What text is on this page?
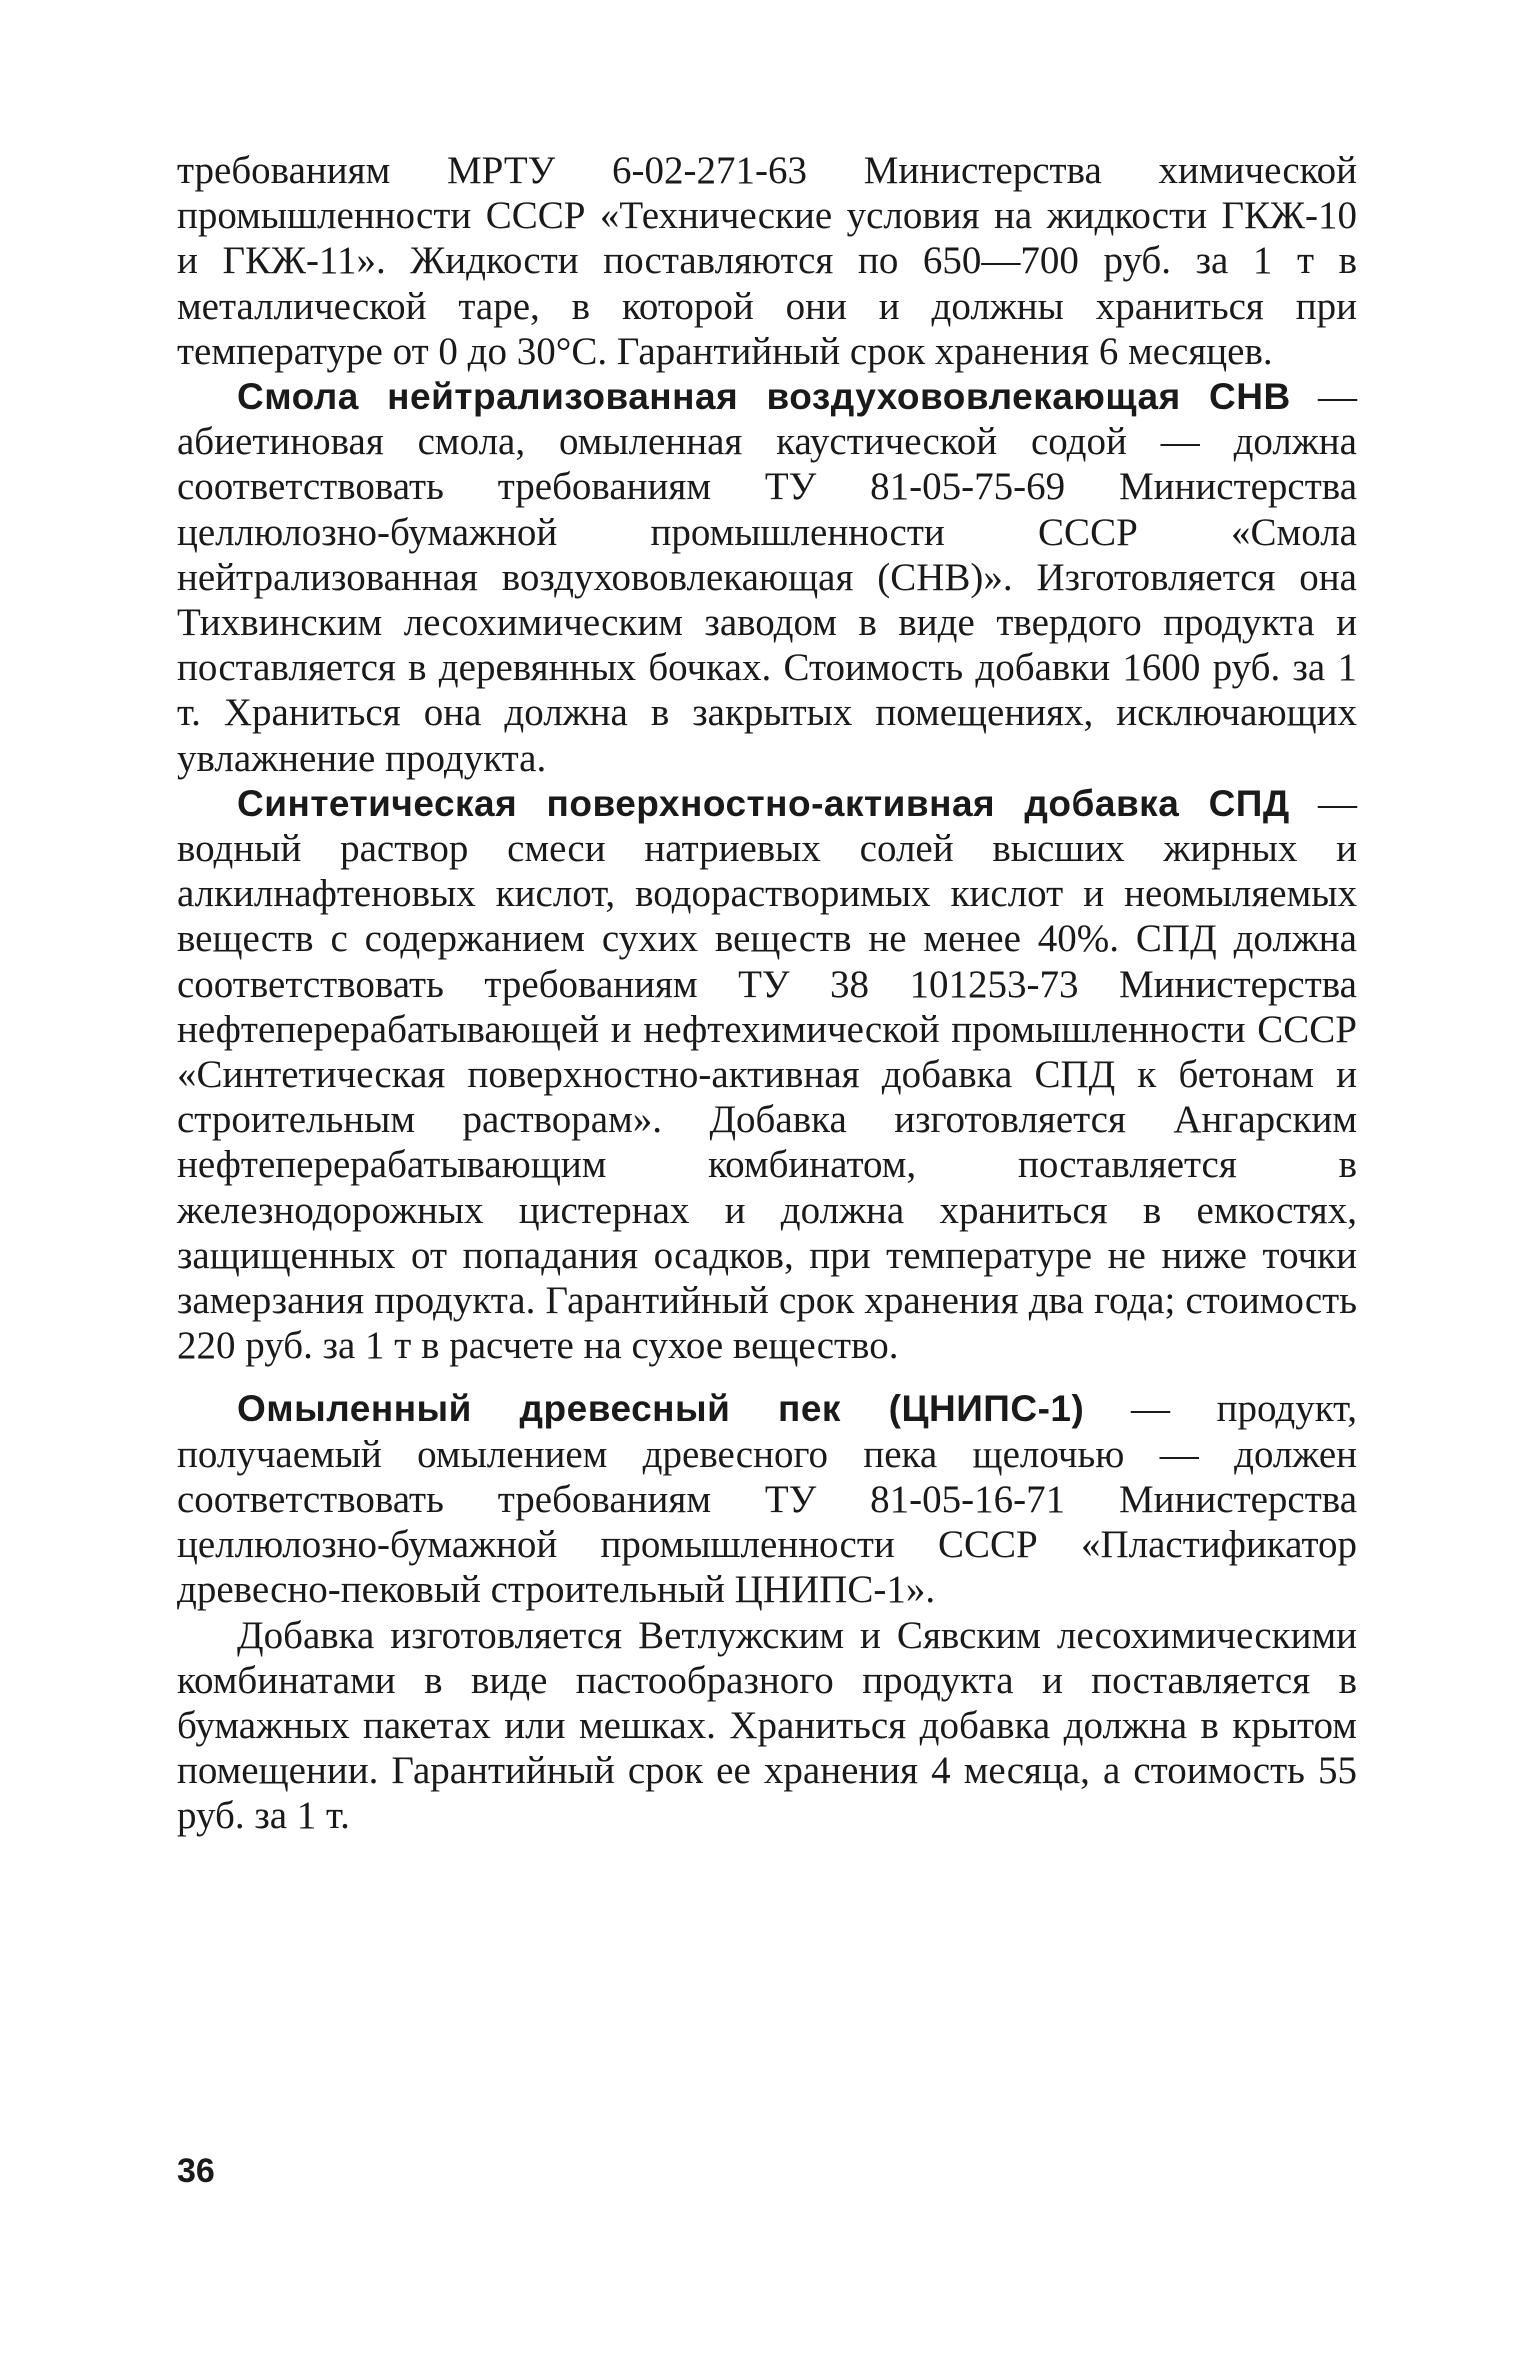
требованиям МРТУ 6-02-271-63 Министерства химической промышленности СССР «Технические условия на жидкости ГКЖ-10 и ГКЖ-11». Жидкости поставляются по 650—700 руб. за 1 т в металлической таре, в которой они и должны храниться при температуре от 0 до 30°С. Гарантийный срок хранения 6 месяцев.

Смола нейтрализованная воздухововлекающая СНВ — абиетиновая смола, омыленная каустической содой — должна соответствовать требованиям ТУ 81-05-75-69 Министерства целлюлозно-бумажной промышленности СССР «Смола нейтрализованная воздухововлекающая (СНВ)». Изготовляется она Тихвинским лесохимическим заводом в виде твердого продукта и поставляется в деревянных бочках. Стоимость добавки 1600 руб. за 1 т. Храниться она должна в закрытых помещениях, исключающих увлажнение продукта.

Синтетическая поверхностно-активная добавка СПД — водный раствор смеси натриевых солей высших жирных и алкилнафтеновых кислот, водорастворимых кислот и неомыляемых веществ с содержанием сухих веществ не менее 40%. СПД должна соответствовать требованиям ТУ 38 101253-73 Министерства нефтеперерабатывающей и нефтехимической промышленности СССР «Синтетическая поверхностно-активная добавка СПД к бетонам и строительным растворам». Добавка изготовляется Ангарским нефтеперерабатывающим комбинатом, поставляется в железнодорожных цистернах и должна храниться в емкостях, защищенных от попадания осадков, при температуре не ниже точки замерзания продукта. Гарантийный срок хранения два года; стоимость 220 руб. за 1 т в расчете на сухое вещество.

Омыленный древесный пек (ЦНИПС-1) — продукт, получаемый омылением древесного пека щелочью — должен соответствовать требованиям ТУ 81-05-16-71 Министерства целлюлозно-бумажной промышленности СССР «Пластификатор древесно-пековый строительный ЦНИПС-1».

Добавка изготовляется Ветлужским и Сявским лесохимическими комбинатами в виде пастообразного продукта и поставляется в бумажных пакетах или мешках. Храниться добавка должна в крытом помещении. Гарантийный срок ее хранения 4 месяца, а стоимость 55 руб. за 1 т.

36
